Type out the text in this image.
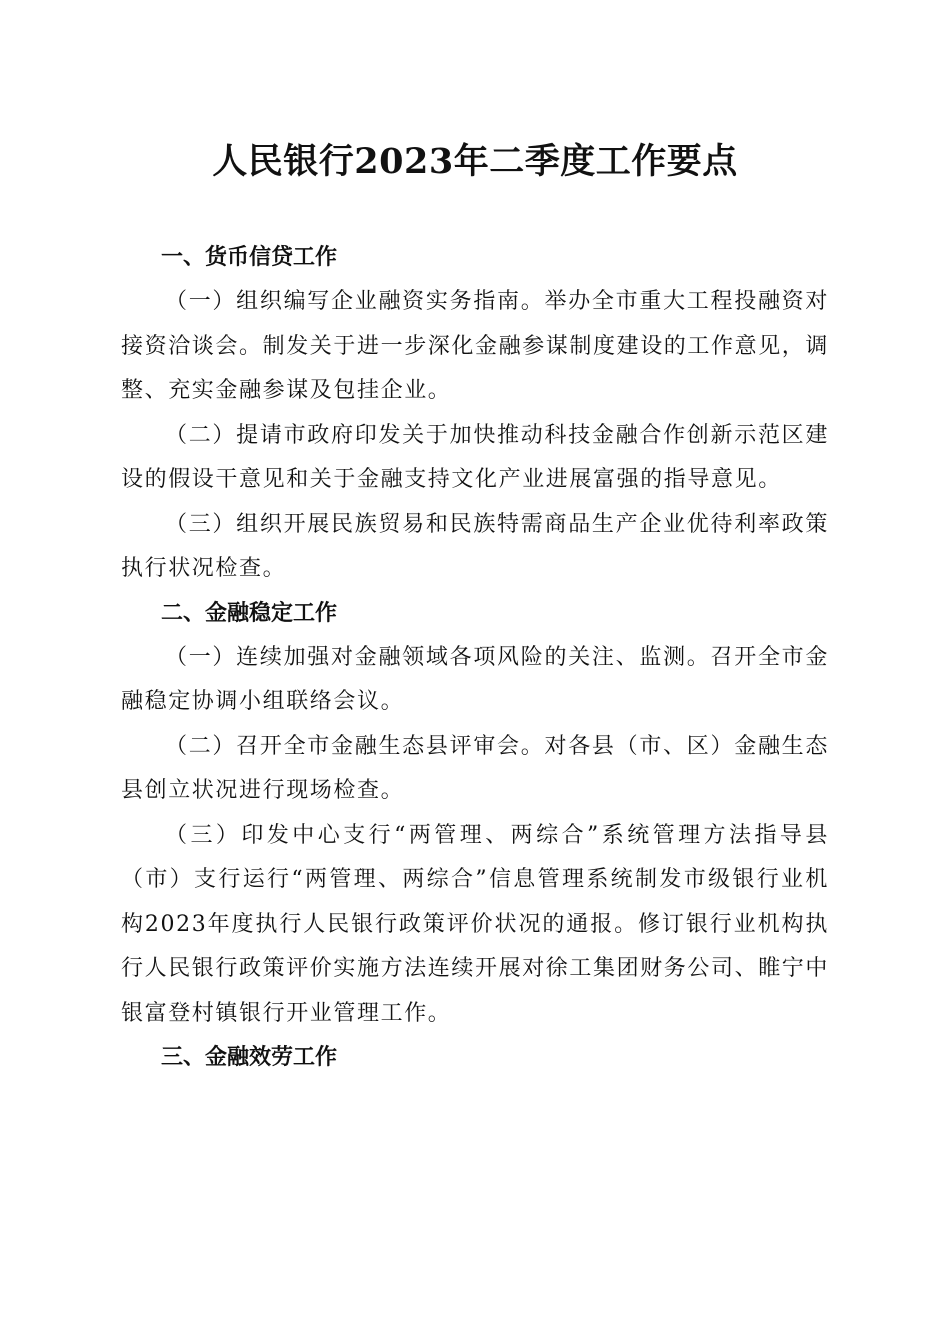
人民银行2023年二季度工作要点
一、货币信贷工作

（一）组织编写企业融资实务指南。举办全市重大工程投融资对接资洽谈会。制发关于进一步深化金融参谋制度建设的工作意见，调整、充实金融参谋及包挂企业。

（二）提请市政府印发关于加快推动科技金融合作创新示范区建设的假设干意见和关于金融支持文化产业进展富强的指导意见。

（三）组织开展民族贸易和民族特需商品生产企业优待利率政策执行状况检查。

二、金融稳定工作

（一）连续加强对金融领域各项风险的关注、监测。召开全市金融稳定协调小组联络会议。

（二）召开全市金融生态县评审会。对各县（市、区）金融生态县创立状况进行现场检查。

（三）印发中心支行“两管理、两综合”系统管理方法指导县（市）支行运行“两管理、两综合”信息管理系统制发市级银行业机构2023年度执行人民银行政策评价状况的通报。修订银行业机构执行人民银行政策评价实施方法连续开展对徐工集团财务公司、睢宁中银富登村镇银行开业管理工作。

三、金融效劳工作
